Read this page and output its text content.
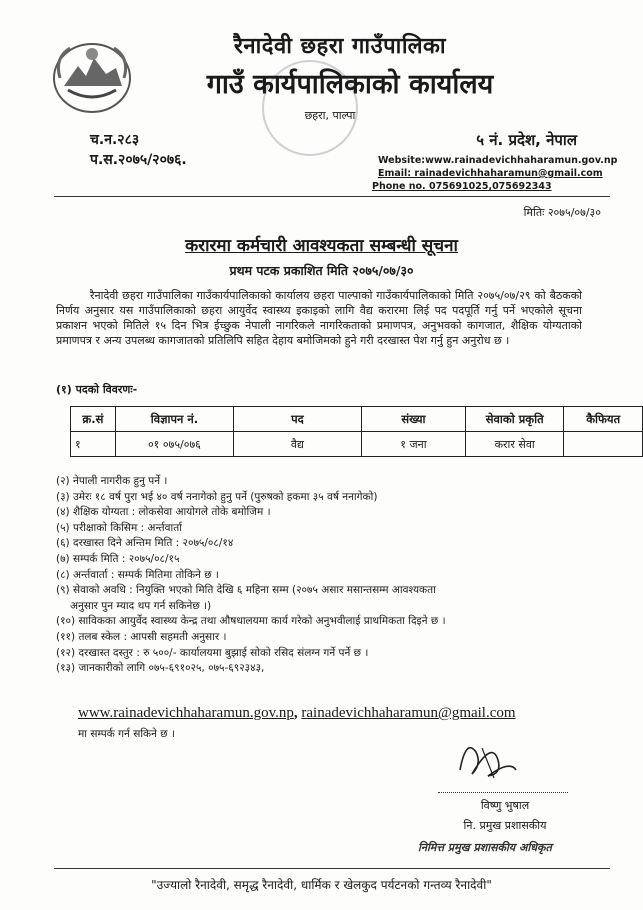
रैनादेवी छहरा गाउँपालिका
गाउँ कार्यपालिकाको कार्यालय
छहरा, पाल्पा
च.न.२८३
प.स.२०७५/२०७६.
५ नं. प्रदेश, नेपाल
Website:www.rainadevichhaharamun.gov.np
Email: rainadevichhaharamun@gmail.com
Phone no. 075691025,075692343
मितिः २०७५/०७/३०
करारमा कर्मचारी आवश्यकता सम्बन्धी सूचना
प्रथम पटक प्रकाशित मिति २०७५/०७/३०
रैनादेवी छहरा गाउँपालिका गाउँकार्यपालिकाको कार्यालय छहरा पाल्पाको गाउँकार्यपालिकाको मिति २०७५/०७/२९ को बैठकको निर्णय अनुसार यस गाउँपालिकाको छहरा आयुर्वेद स्वास्थ्य इकाइको लागि वैद्य करारमा लिई पद पदपूर्ति गर्नु पर्ने भएकोले सूचना प्रकाशन भएको मितिले १५ दिन भित्र ईच्छुक नेपाली नागरिकले नागरिकताको प्रमाणपत्र, अनुभवको कागजात, शैक्षिक योग्यताको प्रमाणपत्र र अन्य उपलब्ध कागजातको प्रतिलिपि सहित देहाय बमोजिमको हुने गरी दरखास्त पेश गर्नु हुन अनुरोध छ ।
(१) पदको विवरणः-
क्र.सं	विज्ञापन नं.	पद	संख्या	सेवाको प्रकृति	कैफियत
१	०१ ०७५/०७६	वैद्य	१ जना	करार सेवा	
(२) नेपाली नागरीक हुनु पर्ने ।
(३) उमेरः १८ वर्ष पुरा भई ४० वर्ष ननागेको हुनु पर्ने (पुरुषको हकमा ३५ वर्ष ननागेको)
(४) शैक्षिक योग्यता : लोकसेवा आयोगले तोके बमोजिम ।
(५) परीक्षाको किसिम : अर्न्तवार्ता
(६) दरखास्त दिने अन्तिम मिति : २०७५/०८/१४
(७) सम्पर्क मिति : २०७५/०८/१५
(८) अर्न्तवार्ता : सम्पर्क मितिमा तोकिने छ ।
(९) सेवाको अवधि : नियुक्ति भएको मिति देखि ६ महिना सम्म (२०७५ असार मसान्तसम्म आवश्यकता
अनुसार पुन म्याद थप गर्न सकिनेछ ।)
(१०) साविकका आयुर्वेद स्वास्थ्य केन्द्र तथा औषधालयमा कार्य गरेको अनुभवीलाई प्राथमिकता दिइने छ ।
(११) तलब स्केल : आपसी सहमती अनुसार ।
(१२) दरखास्त दस्तुर : रु ५००/- कार्यालयमा बुझाई सोको रसिद संलग्न गर्ने पर्ने छ ।
(१३) जानकारीको लागि ०७५-६९१०२५, ०७५-६९२३४३,
www.rainadevichhaharamun.gov.np, rainadevichhaharamun@gmail.com
मा सम्पर्क गर्न सकिने छ ।
विष्णु भुषाल
नि. प्रमुख प्रशासकीय
निमित्त प्रमुख प्रशासकीय अधिकृत
"उज्यालो रैनादेवी, समृद्ध रैनादेवी, धार्मिक र खेलकुद पर्यटनको गन्तव्य रैनादेवी"
